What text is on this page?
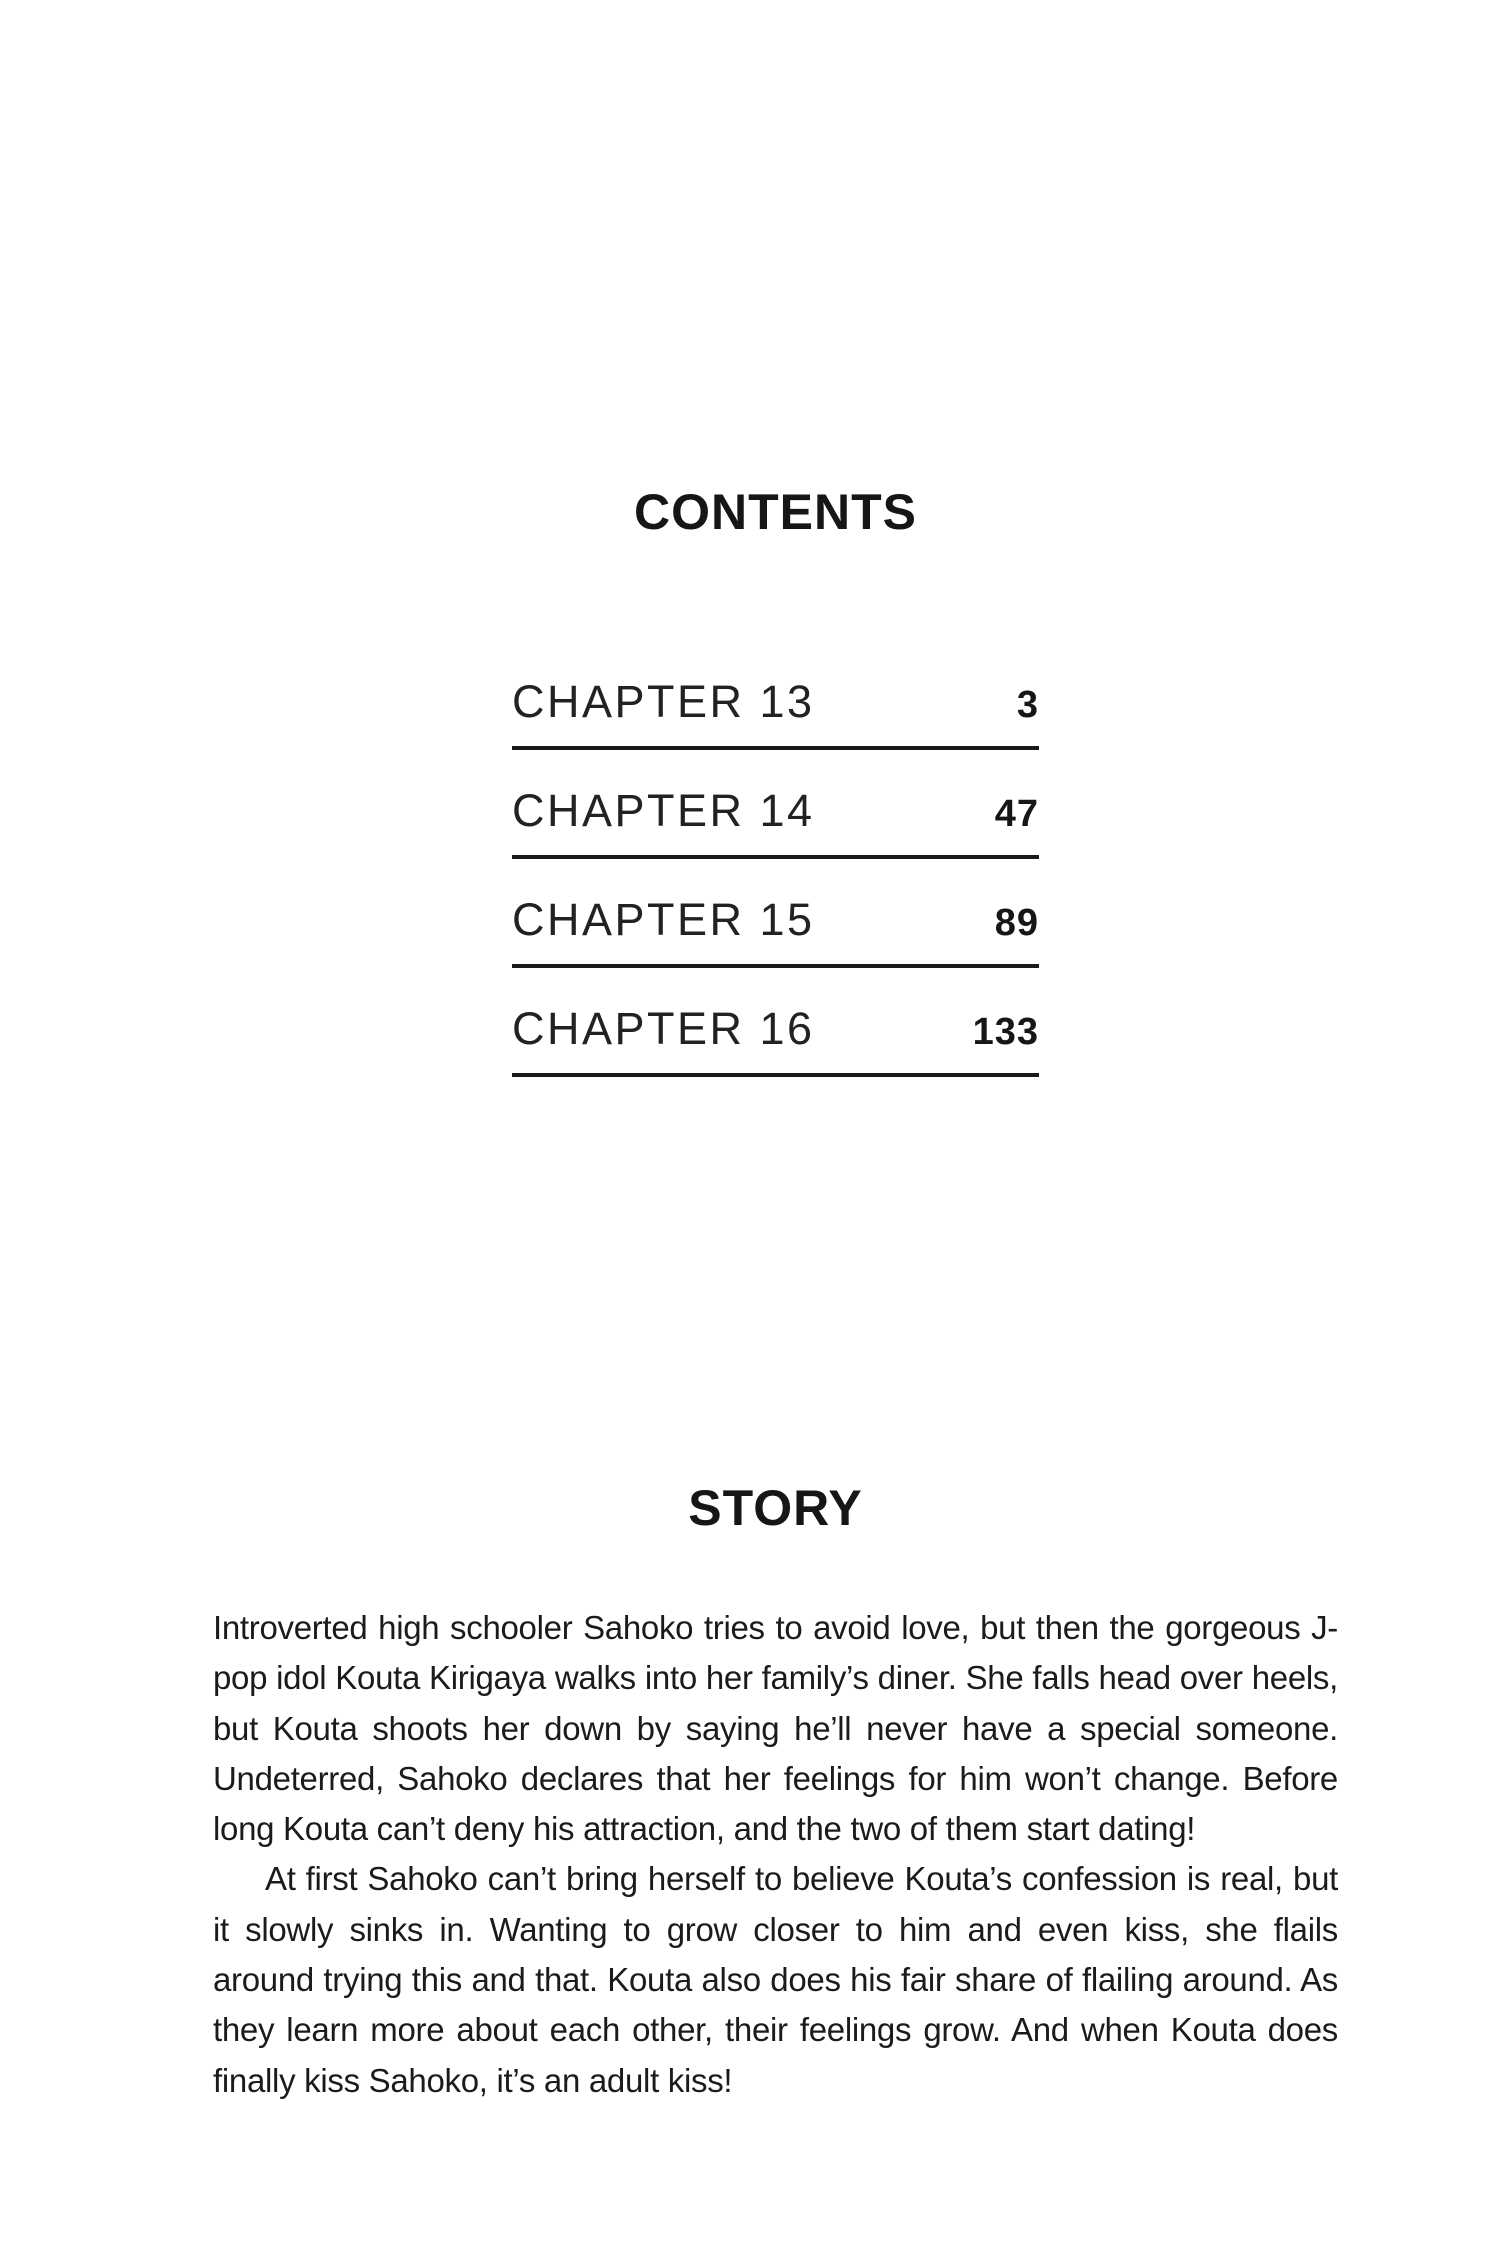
CONTENTS
CHAPTER 13	3
CHAPTER 14	47
CHAPTER 15	89
CHAPTER 16	133
STORY

Introverted high schooler Sahoko tries to avoid love, but then the gorgeous J-pop idol Kouta Kirigaya walks into her family’s diner. She falls head over heels, but Kouta shoots her down by saying he’ll never have a special someone. Undeterred, Sahoko declares that her feelings for him won’t change. Before long Kouta can’t deny his attraction, and the two of them start dating!

At first Sahoko can’t bring herself to believe Kouta’s confession is real, but it slowly sinks in. Wanting to grow closer to him and even kiss, she flails around trying this and that. Kouta also does his fair share of flailing around. As they learn more about each other, their feelings grow. And when Kouta does finally kiss Sahoko, it’s an adult kiss!
